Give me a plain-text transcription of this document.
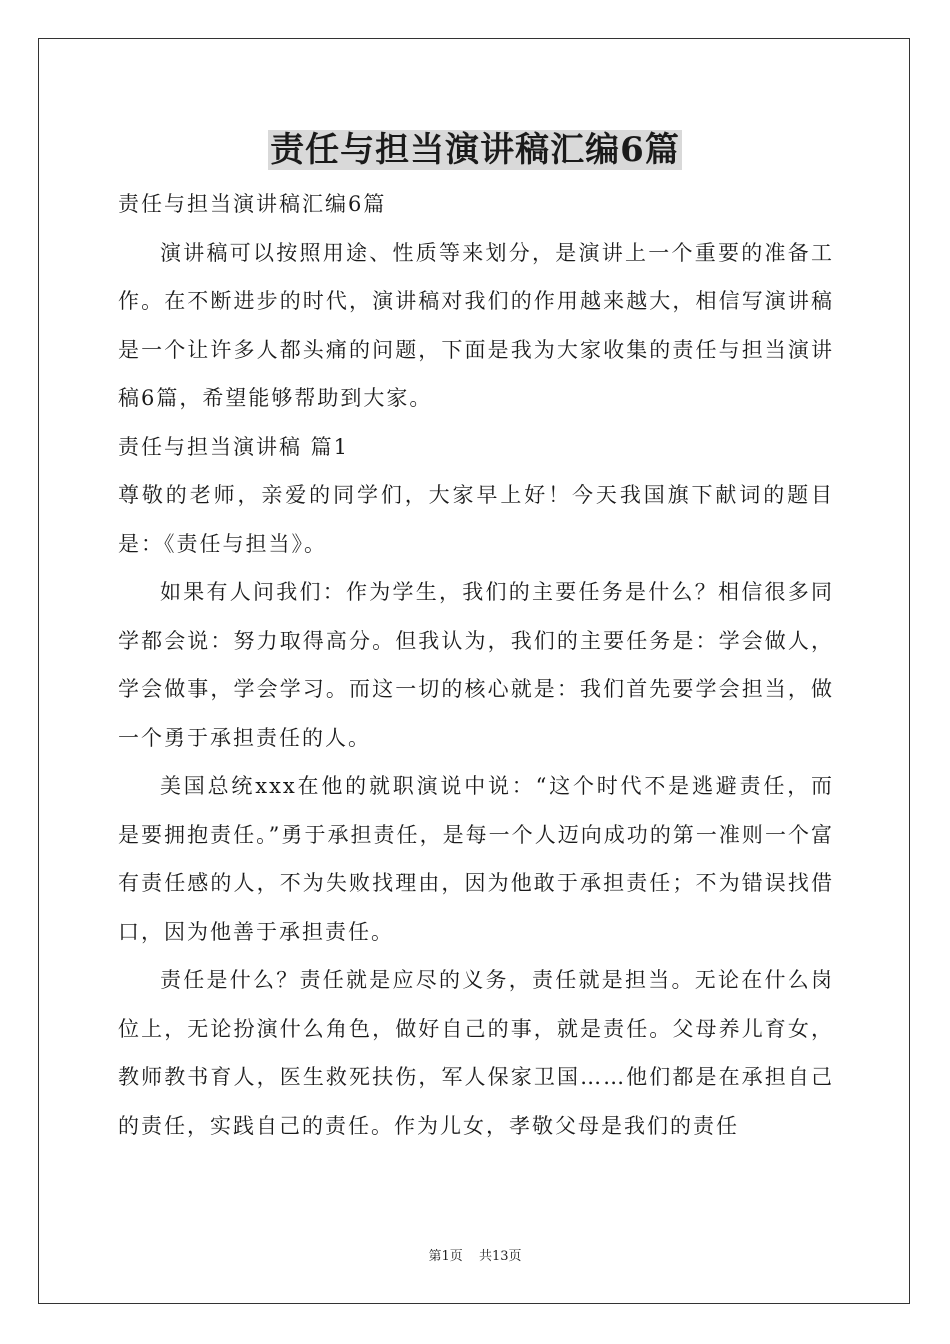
责任与担当演讲稿汇编6篇

责任与担当演讲稿汇编6篇

演讲稿可以按照用途、性质等来划分，是演讲上一个重要的准备工作。在不断进步的时代，演讲稿对我们的作用越来越大，相信写演讲稿是一个让许多人都头痛的问题，下面是我为大家收集的责任与担当演讲稿6篇，希望能够帮助到大家。

责任与担当演讲稿 篇1

尊敬的老师，亲爱的同学们，大家早上好！今天我国旗下献词的题目是：《责任与担当》。

如果有人问我们：作为学生，我们的主要任务是什么？相信很多同学都会说：努力取得高分。但我认为，我们的主要任务是：学会做人，学会做事，学会学习。而这一切的核心就是：我们首先要学会担当，做一个勇于承担责任的人。

美国总统xxx在他的就职演说中说：“这个时代不是逃避责任，而是要拥抱责任。”勇于承担责任，是每一个人迈向成功的第一准则一个富有责任感的人，不为失败找理由，因为他敢于承担责任；不为错误找借口，因为他善于承担责任。

责任是什么？责任就是应尽的义务，责任就是担当。无论在什么岗位上，无论扮演什么角色，做好自己的事，就是责任。父母养儿育女，教师教书育人，医生救死扶伤，军人保家卫国……他们都是在承担自己的责任，实践自己的责任。作为儿女，孝敬父母是我们的责任

第1页 共13页
